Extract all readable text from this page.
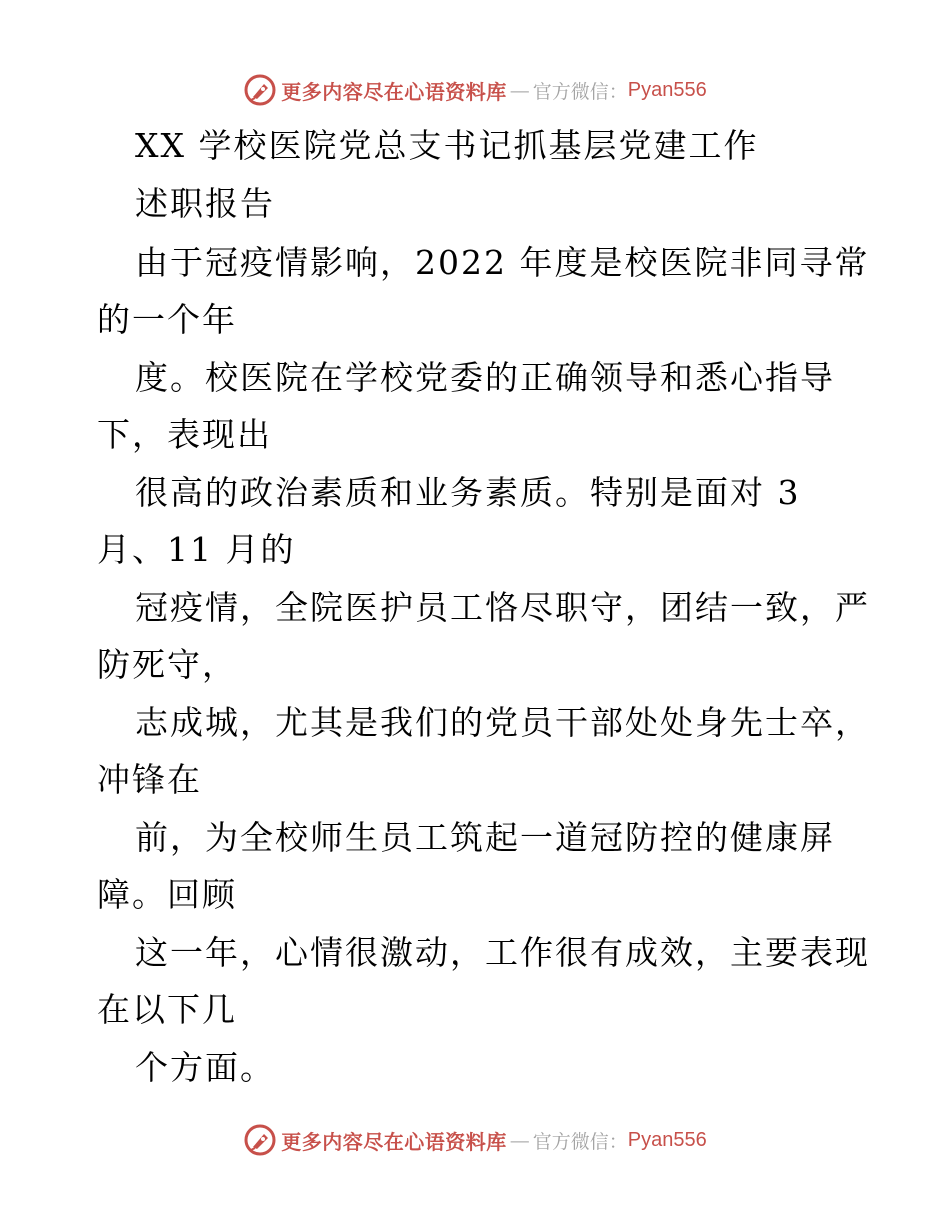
更多内容尽在心语资料库 — 官方微信： Pyan556
XX 学校医院党总支书记抓基层党建工作
述职报告
由于冠疫情影响，2022 年度是校医院非同寻常
的一个年
度。校医院在学校党委的正确领导和悉心指导
下，表现出
很高的政治素质和业务素质。特别是面对 3
月、11 月的
冠疫情，全院医护员工恪尽职守，团结一致，严
防死守，
志成城，尤其是我们的党员干部处处身先士卒，
冲锋在
前，为全校师生员工筑起一道冠防控的健康屏
障。回顾
这一年，心情很激动，工作很有成效，主要表现
在以下几
个方面。
更多内容尽在心语资料库 — 官方微信： Pyan556
